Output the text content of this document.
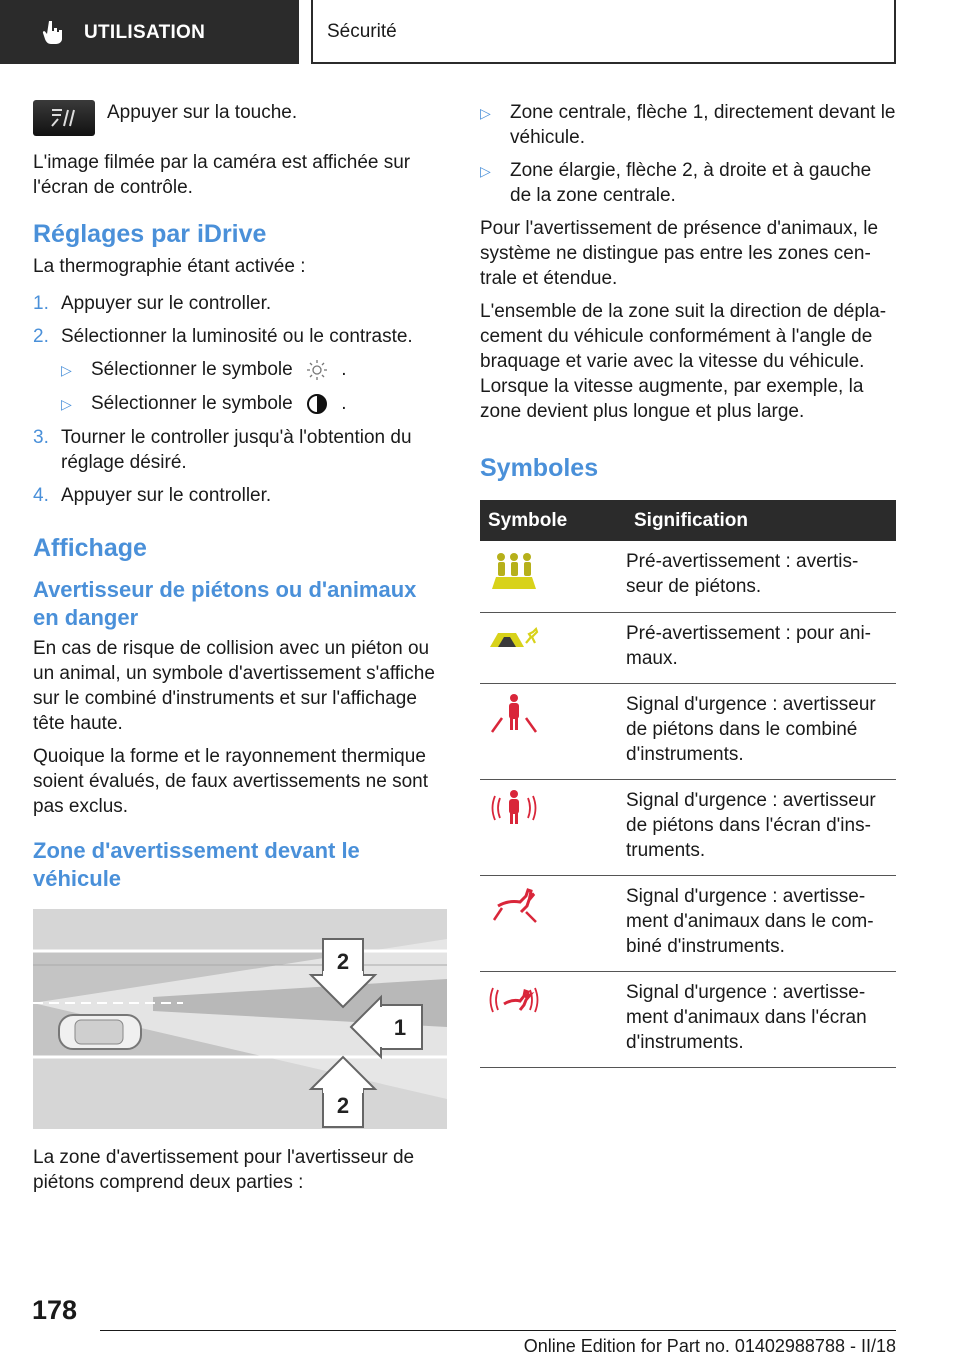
UTILISATION	Sécurité

Appuyer sur la touche.

L'image filmée par la caméra est affichée sur l'écran de contrôle.

Réglages par iDrive

La thermographie étant activée :

1. Appuyer sur le controller.
2. Sélectionner la luminosité ou le contraste.
▷	Sélectionner le symbole	.
▷	Sélectionner le symbole	.
3. Tourner le controller jusqu'à l'obtention du réglage désiré.
4. Appuyer sur le controller.
Affichage
Avertisseur de piétons ou d'animaux en danger

En cas de risque de collision avec un piéton ou un animal, un symbole d'avertissement s'affiche sur le combiné d'instruments et sur l'affichage tête haute.

Quoique la forme et le rayonnement thermique soient évalués, de faux avertissements ne sont pas exclus.

Zone d'avertissement devant le véhicule
2
1
2

La zone d'avertissement pour l'avertisseur de piétons comprend deux parties :

▷	Zone centrale, flèche 1, directement devant le véhicule.
▷	Zone élargie, flèche 2, à droite et à gauche de la zone centrale.

Pour l'avertissement de présence d'animaux, le système ne distingue pas entre les zones cen-trale et étendue.

L'ensemble de la zone suit la direction de dépla-cement du véhicule conformément à l'angle de braquage et varie avec la vitesse du véhicule. Lorsque la vitesse augmente, par exemple, la zone devient plus longue et plus large.

Symboles
Symbole	Signification
	Pré-avertissement : avertis-seur de piétons.
	Pré-avertissement : pour ani-maux.
	Signal d'urgence : avertisseur de piétons dans le combiné d'instruments.
	Signal d'urgence : avertisseur de piétons dans l'écran d'ins-truments.
	Signal d'urgence : avertisse-ment d'animaux dans le com-biné d'instruments.
	Signal d'urgence : avertisse-ment d'animaux dans l'écran d'instruments.
178
Online Edition for Part no. 01402988788 - II/18
